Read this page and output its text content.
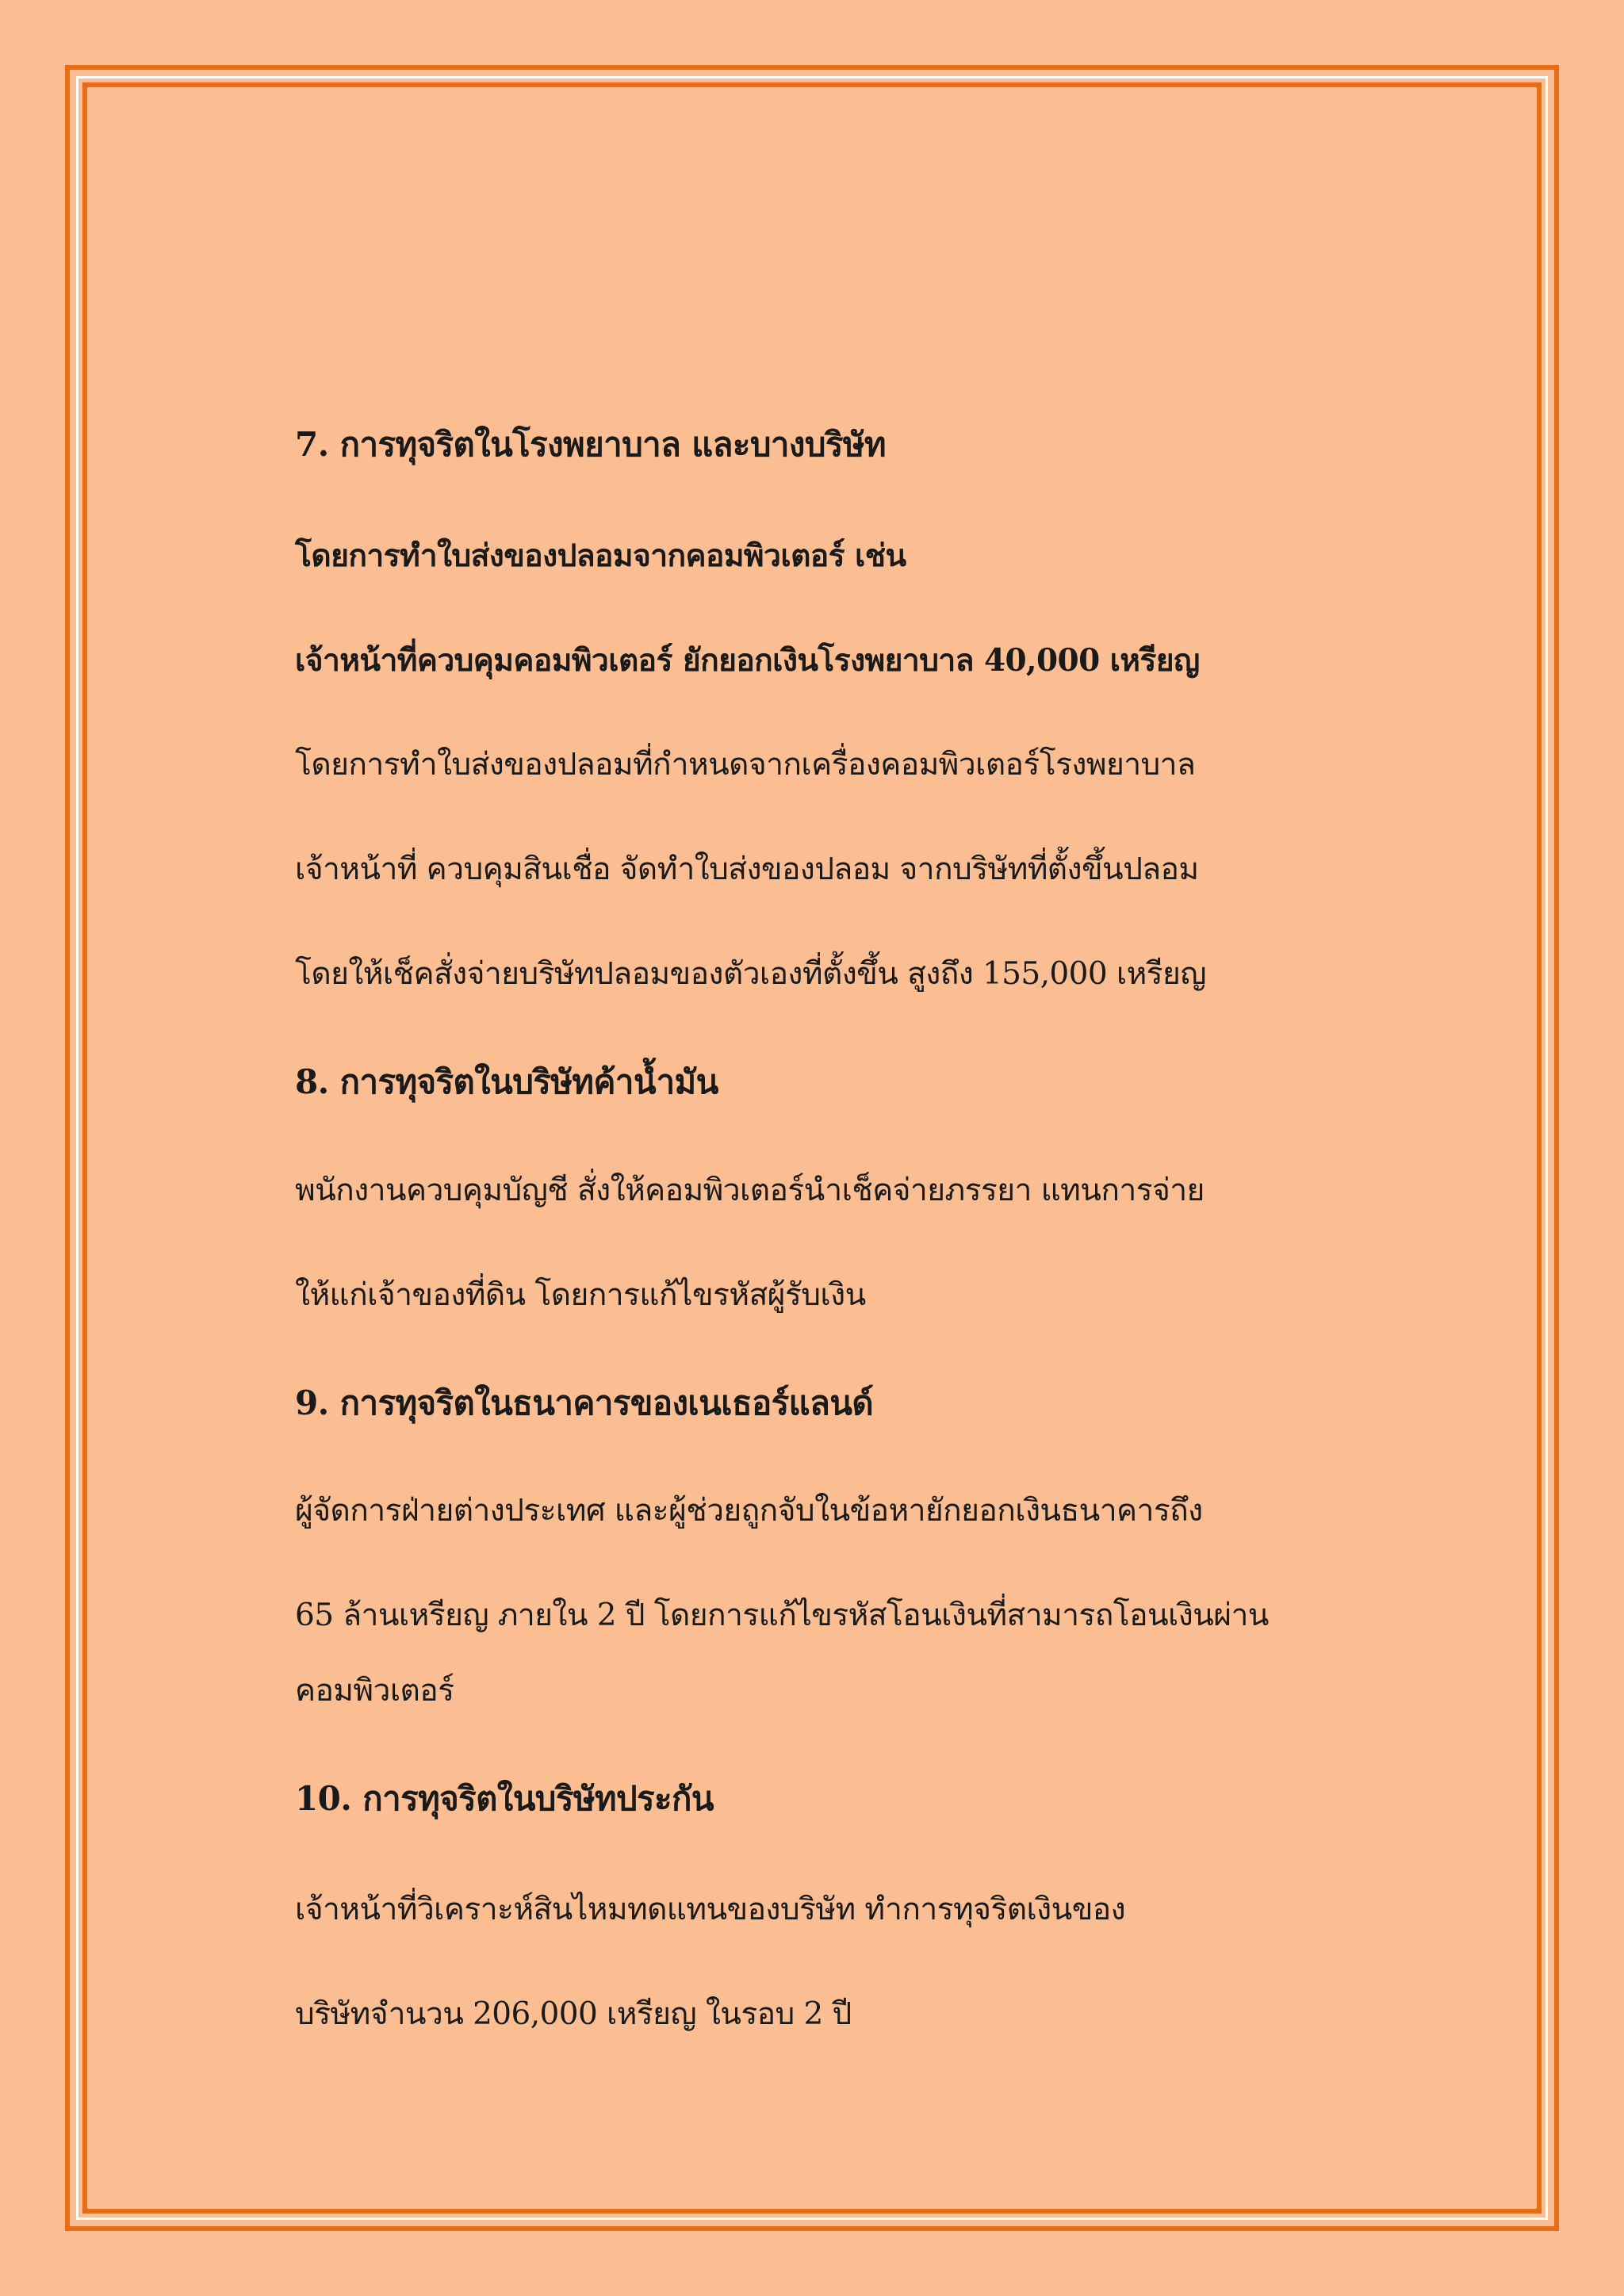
7. การทุจริตในโรงพยาบาล และบางบริษัท
โดยการทำใบส่งของปลอมจากคอมพิวเตอร์ เช่น
เจ้าหน้าที่ควบคุมคอมพิวเตอร์ ยักยอกเงินโรงพยาบาล 40,000 เหรียญ
โดยการทำใบส่งของปลอมที่กำหนดจากเครื่องคอมพิวเตอร์โรงพยาบาล
เจ้าหน้าที่ ควบคุมสินเชื่อ จัดทำใบส่งของปลอม จากบริษัทที่ตั้งขึ้นปลอม
โดยให้เช็คสั่งจ่ายบริษัทปลอมของตัวเองที่ตั้งขึ้น สูงถึง 155,000 เหรียญ
8. การทุจริตในบริษัทค้าน้ำมัน
พนักงานควบคุมบัญชี สั่งให้คอมพิวเตอร์นำเช็คจ่ายภรรยา แทนการจ่าย
ให้แก่เจ้าของที่ดิน โดยการแก้ไขรหัสผู้รับเงิน
9. การทุจริตในธนาคารของเนเธอร์แลนด์
ผู้จัดการฝ่ายต่างประเทศ และผู้ช่วยถูกจับในข้อหายักยอกเงินธนาคารถึง
65 ล้านเหรียญ ภายใน 2 ปี โดยการแก้ไขรหัสโอนเงินที่สามารถโอนเงินผ่าน
คอมพิวเตอร์
10. การทุจริตในบริษัทประกัน
เจ้าหน้าที่วิเคราะห์สินไหมทดแทนของบริษัท ทำการทุจริตเงินของ
บริษัทจำนวน 206,000 เหรียญ ในรอบ 2 ปี
